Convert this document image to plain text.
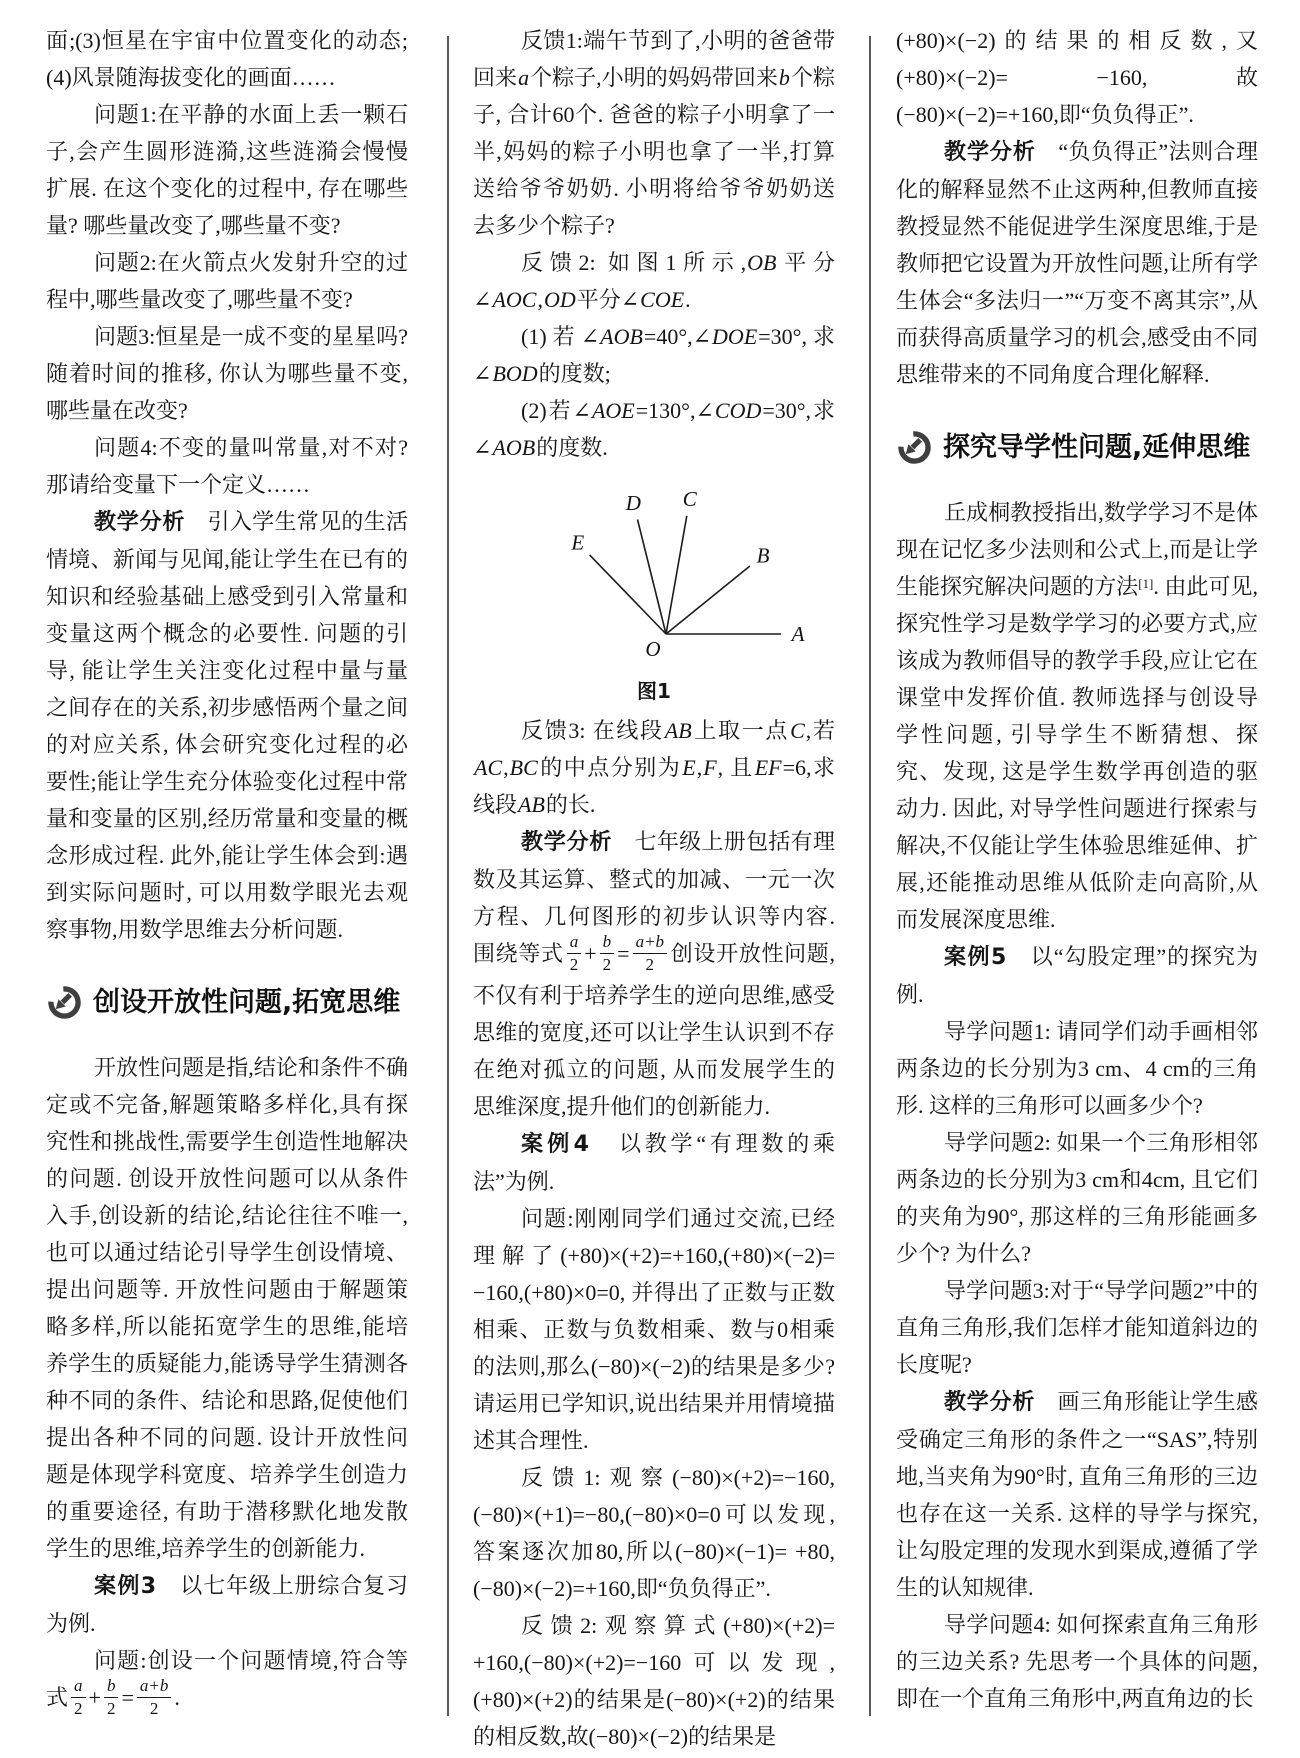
面;(3)恒星在宇宙中位置变化的动态;(4)风景随海拔变化的画面……

问题1:在平静的水面上丢一颗石子,会产生圆形涟漪,这些涟漪会慢慢扩展. 在这个变化的过程中, 存在哪些量? 哪些量改变了,哪些量不变?

问题2:在火箭点火发射升空的过程中,哪些量改变了,哪些量不变?

问题3:恒星是一成不变的星星吗? 随着时间的推移, 你认为哪些量不变, 哪些量在改变?

问题4:不变的量叫常量,对不对? 那请给变量下一个定义……

教学分析　引入学生常见的生活情境、新闻与见闻,能让学生在已有的知识和经验基础上感受到引入常量和变量这两个概念的必要性. 问题的引导, 能让学生关注变化过程中量与量之间存在的关系,初步感悟两个量之间的对应关系, 体会研究变化过程的必要性;能让学生充分体验变化过程中常量和变量的区别,经历常量和变量的概念形成过程. 此外,能让学生体会到:遇到实际问题时, 可以用数学眼光去观察事物,用数学思维去分析问题.

创设开放性问题,拓宽思维

开放性问题是指,结论和条件不确定或不完备,解题策略多样化,具有探究性和挑战性,需要学生创造性地解决的问题. 创设开放性问题可以从条件入手,创设新的结论,结论往往不唯一,也可以通过结论引导学生创设情境、提出问题等. 开放性问题由于解题策略多样,所以能拓宽学生的思维,能培养学生的质疑能力,能诱导学生猜测各种不同的条件、结论和思路,促使他们提出各种不同的问题. 设计开放性问题是体现学科宽度、培养学生创造力的重要途径, 有助于潜移默化地发散学生的思维,培养学生的创新能力.

案例3　以七年级上册综合复习为例.

问题:创设一个问题情境,符合等式 $\frac{a}{2} + \frac{b}{2} = \frac{a+b}{2}$ .

反馈1:端午节到了,小明的爸爸带回来a个粽子,小明的妈妈带回来b个粽子, 合计60个. 爸爸的粽子小明拿了一半,妈妈的粽子小明也拿了一半,打算送给爷爷奶奶. 小明将给爷爷奶奶送去多少个粽子?

反馈2: 如图1所示,OB平分∠AOC,OD平分∠COE.

(1)若∠AOB=40°,∠DOE=30°,求∠BOD的度数;

(2)若∠AOE=130°,∠COD=30°,求∠AOB的度数.

A
B
C
D
E
O
图1

反馈3: 在线段AB上取一点C,若AC,BC的中点分别为E,F, 且EF=6,求线段AB的长.

教学分析　七年级上册包括有理数及其运算、整式的加减、一元一次方程、几何图形的初步认识等内容. 围绕等式 $\frac{a}{2} + \frac{b}{2} = \frac{a+b}{2}$ 创设开放性问题, 不仅有利于培养学生的逆向思维,感受思维的宽度,还可以让学生认识到不存在绝对孤立的问题, 从而发展学生的思维深度,提升他们的创新能力.

案例4　以教学“有理数的乘法”为例.

问题:刚刚同学们通过交流,已经理解了(+80)×(+2)=+160,(+80)×(−2)= −160,(+80)×0=0, 并得出了正数与正数相乘、正数与负数相乘、数与0相乘的法则,那么(−80)×(−2)的结果是多少? 请运用已学知识,说出结果并用情境描述其合理性.

反馈1:观察(−80)×(+2)=−160, (−80)×(+1)=−80,(−80)×0=0可以发现,答案逐次加80,所以(−80)×(−1)= +80,(−80)×(−2)=+160,即“负负得正”.

反馈2:观察算式(+80)×(+2)= +160,(−80)×(+2)=−160可以发现, (+80)×(+2)的结果是(−80)×(+2)的结果的相反数,故(−80)×(−2)的结果是

(+80)×(−2)的结果的相反数,又(+80)×(−2)= −160, 故 (−80)×(−2)=+160,即“负负得正”.

教学分析　“负负得正”法则合理化的解释显然不止这两种,但教师直接教授显然不能促进学生深度思维,于是教师把它设置为开放性问题,让所有学生体会“多法归一”“万变不离其宗”,从而获得高质量学习的机会,感受由不同思维带来的不同角度合理化解释.

探究导学性问题,延伸思维

丘成桐教授指出,数学学习不是体现在记忆多少法则和公式上,而是让学生能探究解决问题的方法[1]. 由此可见,探究性学习是数学学习的必要方式,应该成为教师倡导的教学手段,应让它在课堂中发挥价值. 教师选择与创设导学性问题, 引导学生不断猜想、探究、发现, 这是学生数学再创造的驱动力. 因此, 对导学性问题进行探索与解决,不仅能让学生体验思维延伸、扩展,还能推动思维从低阶走向高阶,从而发展深度思维.

案例5　以“勾股定理”的探究为例.

导学问题1: 请同学们动手画相邻两条边的长分别为3 cm、4 cm的三角形. 这样的三角形可以画多少个?

导学问题2: 如果一个三角形相邻两条边的长分别为3 cm和4cm, 且它们的夹角为90°, 那这样的三角形能画多少个? 为什么?

导学问题3:对于“导学问题2”中的直角三角形,我们怎样才能知道斜边的长度呢?

教学分析　画三角形能让学生感受确定三角形的条件之一“SAS”,特别地,当夹角为90°时, 直角三角形的三边也存在这一关系. 这样的导学与探究, 让勾股定理的发现水到渠成,遵循了学生的认知规律.

导学问题4: 如何探索直角三角形的三边关系? 先思考一个具体的问题,即在一个直角三角形中,两直角边的长
